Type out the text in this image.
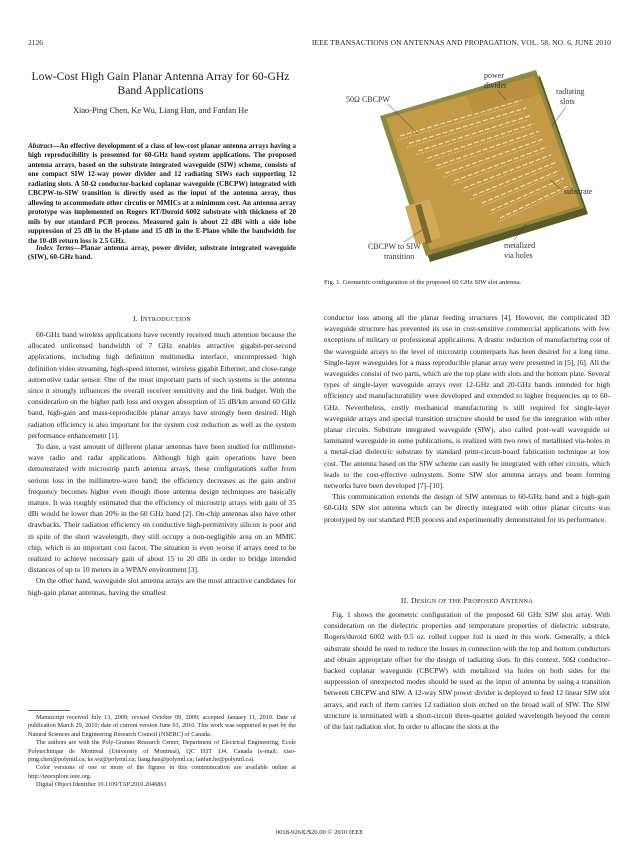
2126	IEEE TRANSACTIONS ON ANTENNAS AND PROPAGATION, VOL. 58, NO. 6, JUNE 2010
Low-Cost High Gain Planar Antenna Array for 60-GHz Band Applications
Xiao-Ping Chen, Ke Wu, Liang Han, and Fanfan He
Abstract—An effective development of a class of low-cost planar antenna arrays having a high reproducibility is presented for 60-GHz band system applications. The proposed antenna arrays, based on the substrate integrated waveguide (SIW) scheme, consists of one compact SIW 12-way power divider and 12 radiating SIWs each supporting 12 radiating slots. A 50-Ω conductor-backed coplanar waveguide (CBCPW) integrated with CBCPW-to-SIW transition is directly used as the input of the antenna array, thus allowing to accommodate other circuits or MMICs at a minimum cost. An antenna array prototype was implemented on Rogers RT/Duroid 6002 substrate with thickness of 20 mils by our standard PCB process. Measured gain is about 22 dBi with a side lobe suppression of 25 dB in the H-plane and 15 dB in the E-Plane while the bandwidth for the 10-dB return loss is 2.5 GHz.
Index Terms—Planar antenna array, power divider, substrate integrated waveguide (SIW), 60-GHz band.
50Ω CBCPW
power
divider
radiating
slots
substrate
CBCPW to SIW
transition
metalized
via holes
Fig. 1. Geometric configuration of the proposed 60 GHz SIW slot antenna.
I. INTRODUCTION

60-GHz band wireless applications have recently received much attention because the allocated unlicensed bandwidth of 7 GHz enables attractive gigabit-per-second applications, including high definition multimedia interface, uncompressed high definition video streaming, high-speed internet, wireless gigabit Ethernet, and close-range automotive radar sensor. One of the most important parts of such systems is the antenna since it strongly influences the overall receiver sensitivity and the link budget. With the consideration on the higher path loss and oxygen absorption of 15 dB/km around 60 GHz band, high-gain and mass-reproducible planar arrays have strongly been desired. High radiation efficiency is also important for the system cost reduction as well as the system performance enhancement [1].

To date, a vast amount of different planar antennas have been studied for millimeter-wave radio and radar applications. Although high gain operations have been demonstrated with microstrip patch antenna arrays, these configurations suffer from serious loss in the millimetre-wave band; the efficiency decreases as the gain and/or frequency becomes higher even though those antenna design techniques are basically mature. It was roughly estimated that the efficiency of microstrip arrays with gain of 35 dBi would be lower than 20% in the 60 GHz band [2]. On-chip antennas also have other drawbacks. Their radiation efficiency on conductive high-permittivity silicon is poor and in spite of the short wavelength, they still occupy a non-negligible area on an MMIC chip, which is an important cost factor. The situation is even worse if arrays need to be realized to achieve necessary gain of about 15 to 20 dBi in order to bridge intended distances of up to 10 meters in a WPAN environment [3].

On the other hand, waveguide slot antenna arrays are the most attractive candidates for high-gain planar antennas, having the smallest

Manuscript received July 13, 2009; revised October 09, 2009; accepted January 11, 2010. Date of publication March 29, 2010; date of current version June 03, 2010. This work was supported in part by the Natural Sciences and Engineering Research Council (NSERC) of Canada.

The authors are with the Poly-Grames Research Center, Department of Electrical Engineering, Ecole Polytechnique de Montreal (University of Montreal), QC H3T 1J4, Canada (e-mail: xiao-ping.chen@polymtl.ca; ke.wu@polymtl.ca; liang.han@polymtl.ca; fanfan.he@polymtl.ca).

Color versions of one or more of the figures in this communication are available online at http://ieeexplore.ieee.org.

Digital Object Identifier 10.1109/TAP.2010.2046861

conductor loss among all the planar feeding structures [4]. However, the complicated 3D waveguide structure has prevented its use in cost-sensitive commercial applications with few exceptions of military or professional applications. A drastic reduction of manufacturing cost of the waveguide arrays to the level of microstrip counterparts has been desired for a long time. Single-layer waveguides for a mass reproducible planar array were presented in [5], [6]. All the waveguides consist of two parts, which are the top plate with slots and the bottom plate. Several types of single-layer waveguide arrays over 12-GHz and 20-GHz bands intended for high efficiency and manufacturability were developed and extended to higher frequencies up to 60-GHz. Nevertheless, costly mechanical manufacturing is still required for single-layer waveguide arrays and special transition structure should be used for the integration with other planar circuits. Substrate integrated waveguide (SIW), also called post-wall waveguide or laminated waveguide in some publications, is realized with two rows of metallised via-holes in a metal-clad dielectric substrate by standard print-circuit-board fabrication technique at low cost. The antenna based on the SIW scheme can easily be integrated with other circuits, which leads to the cost-effective subsystem. Some SIW slot antenna arrays and beam forming networks have been developed [7]–[10].

This communication extends the design of SIW antennas to 60-GHz band and a high-gain 60-GHz SIW slot antenna which can be directly integrated with other planar circuits was prototyped by our standard PCB process and experimentally demonstrated for its performance.

II. DESIGN OF THE PROPOSED ANTENNA

Fig. 1 shows the geometric configuration of the proposed 60 GHz SIW slot array. With consideration on the dielectric properties and temperature properties of dielectric substrate, Rogers/duroid 6002 with 0.5 oz. rolled copper foil is used in this work. Generally, a thick substrate should be used to reduce the losses in connection with the top and bottom conductors and obtain appropriate offset for the design of radiating slots. In this context, 50Ω conductor-backed coplanar waveguide (CBCPW) with metalized via holes on both sides for the suppression of unexpected modes should be used as the input of antenna by using a transition between CBCPW and SIW. A 12-way SIW power divider is deployed to feed 12 linear SIW slot arrays, and each of them carries 12 radiation slots etched on the broad wall of SIW. The SIW structure is terminated with a short-circuit three-quarter guided wavelength beyond the centre of the last radiation slot. In order to allocate the slots at the

0018-926X/$26.00 © 2010 IEEE
